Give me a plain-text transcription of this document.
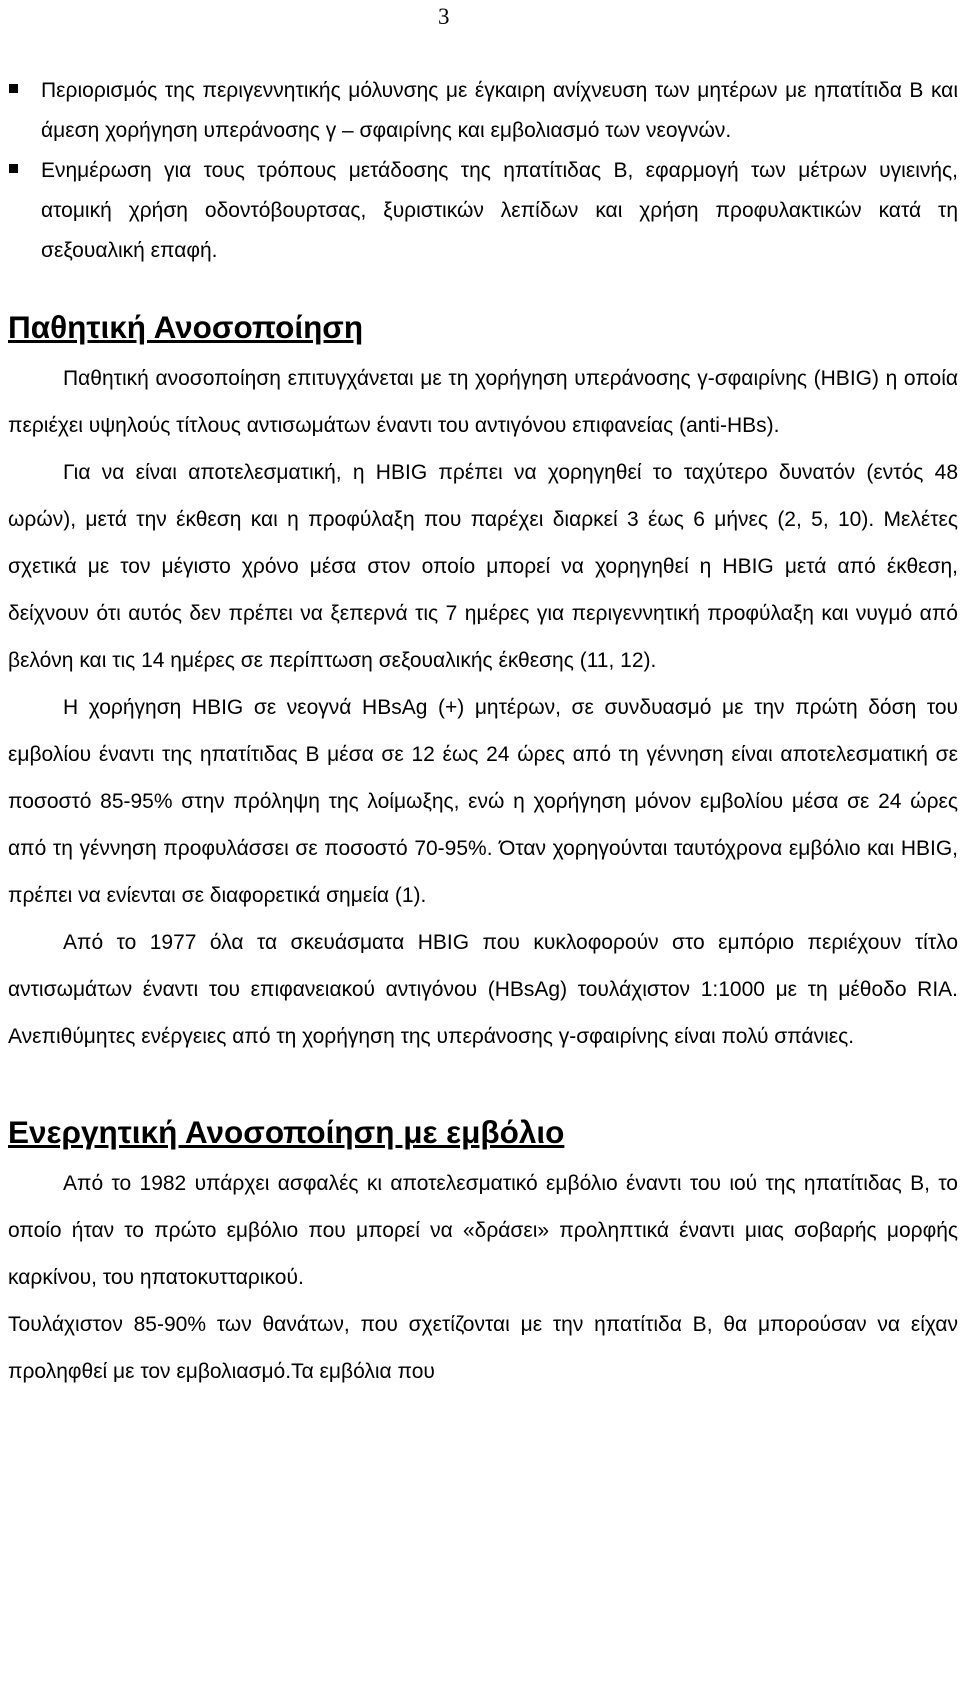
3
Περιορισμός της περιγεννητικής μόλυνσης με έγκαιρη ανίχνευση των μητέρων με ηπατίτιδα Β και άμεση χορήγηση υπεράνοσης γ – σφαιρίνης και εμβολιασμό των νεογνών.
Ενημέρωση για τους τρόπους μετάδοσης της ηπατίτιδας Β, εφαρμογή των μέτρων υγιεινής, ατομική χρήση οδοντόβουρτσας, ξυριστικών λεπίδων και χρήση προφυλακτικών κατά τη σεξουαλική επαφή.
Παθητική Ανοσοποίηση

Παθητική ανοσοποίηση επιτυγχάνεται με τη χορήγηση υπεράνοσης γ-σφαιρίνης (HBIG) η οποία περιέχει υψηλούς τίτλους αντισωμάτων έναντι του αντιγόνου επιφανείας (anti-HBs).

Για να είναι αποτελεσματική, η HBIG πρέπει να χορηγηθεί το ταχύτερο δυνατόν (εντός 48 ωρών), μετά την έκθεση και η προφύλαξη που παρέχει διαρκεί 3 έως 6 μήνες (2, 5, 10). Μελέτες σχετικά με τον μέγιστο χρόνο μέσα στον οποίο μπορεί να χορηγηθεί η HBIG μετά από έκθεση, δείχνουν ότι αυτός δεν πρέπει να ξεπερνά τις 7 ημέρες για περιγεννητική προφύλαξη και νυγμό από βελόνη και τις 14 ημέρες σε περίπτωση σεξουαλικής έκθεσης (11, 12).

Η χορήγηση HBIG σε νεογνά HBsAg (+) μητέρων, σε συνδυασμό με την πρώτη δόση του εμβολίου έναντι της ηπατίτιδας Β μέσα σε 12 έως 24 ώρες από τη γέννηση είναι αποτελεσματική σε ποσοστό 85-95% στην πρόληψη της λοίμωξης, ενώ η χορήγηση μόνον εμβολίου μέσα σε 24 ώρες από τη γέννηση προφυλάσσει σε ποσοστό 70-95%. Όταν χορηγούνται ταυτόχρονα εμβόλιο και HBIG, πρέπει να ενίενται σε διαφορετικά σημεία (1).

Από το 1977 όλα τα σκευάσματα HBIG που κυκλοφορούν στο εμπόριο περιέχουν τίτλο αντισωμάτων έναντι του επιφανειακού αντιγόνου (HBsAg) τουλάχιστον 1:1000 με τη μέθοδο RIA. Ανεπιθύμητες ενέργειες από τη χορήγηση της υπεράνοσης γ-σφαιρίνης είναι πολύ σπάνιες.

Ενεργητική Ανοσοποίηση με εμβόλιο

Από το 1982 υπάρχει ασφαλές κι αποτελεσματικό εμβόλιο έναντι του ιού της ηπατίτιδας Β, το οποίο ήταν το πρώτο εμβόλιο που μπορεί να «δράσει» προληπτικά έναντι μιας σοβαρής μορφής καρκίνου, του ηπατοκυτταρικού.

Τουλάχιστον 85-90% των θανάτων, που σχετίζονται με την ηπατίτιδα Β, θα μπορούσαν να είχαν προληφθεί με τον εμβολιασμό.Τα εμβόλια που
